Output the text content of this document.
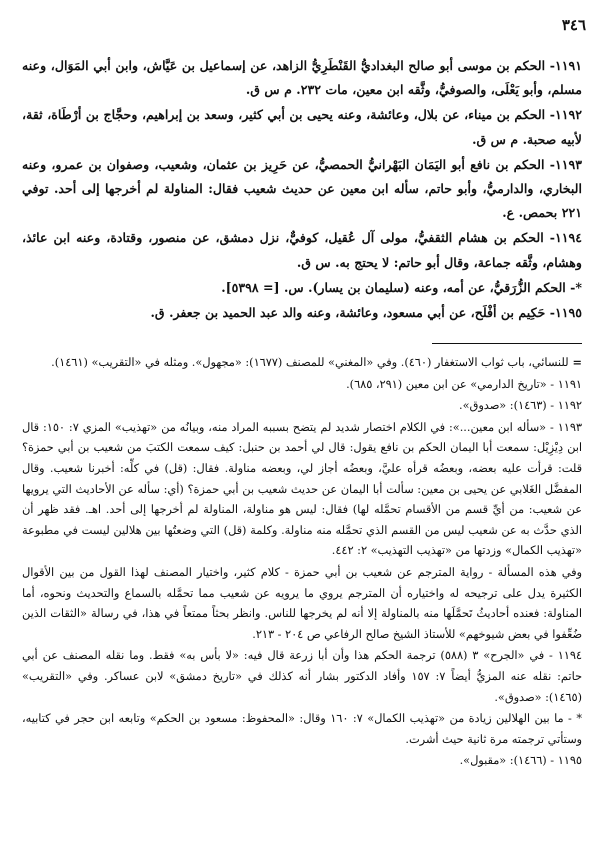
٣٤٦

١١٩١- الحكم بن موسى أبو صالح البغداديُّ القَنْطَرِيُّ الزاهد، عن إسماعيل بن عَيَّاش، وابن أبي المَوَال، وعنه مسلم، وأبو يَعْلَى، والصوفيُّ، وثَّقه ابن معين، مات ٢٣٢. م س ق.

١١٩٢- الحكم بن ميناء، عن بلال، وعائشة، وعنه يحيى بن أبي كثير، وسعد بن إبراهيم، وحجَّاج بن أرْطَاة، ثقة، لأبيه صحبة. م س ق.

١١٩٣- الحكم بن نافع أبو اليَمَان البَهْرانيُّ الحمصيُّ، عن حَرِيز بن عثمان، وشعيب، وصفوان بن عمرو، وعنه البخاري، والدارميُّ، وأبو حاتم، سأله ابن معين عن حديث شعيب فقال: المناولة لم أخرجها إلى أحد. توفي ٢٢١ بحمص. ع.

١١٩٤- الحكم بن هشام الثقفيُّ، مولى آل عُقيل، كوفيٌّ، نزل دمشق، عن منصور، وقتادة، وعنه ابن عائذ، وهشام، وثَّقه جماعة، وقال أبو حاتم: لا يحتج به. س ق.

*- الحكم الزُّرَقيُّ، عن أمه، وعنه (سليمان بن يسار). س. [= ٥٣٩٨].

١١٩٥- حَكِيم بن أفْلَح، عن أبي مسعود، وعائشة، وعنه والد عبد الحميد بن جعفر. ق.

=للنسائي، باب ثواب الاستغفار (٤٦٠). وفي «المغني» للمصنف (١٦٧٧): «مجهول». ومثله في «التقريب» (١٤٦١).

١١٩١ - «تاريخ الدارمي» عن ابن معين (٢٩١، ٦٨٥).

١١٩٢ - (١٤٦٣): «صدوق».

١١٩٣ - «سأله ابن معين...»: في الكلام اختصار شديد لم يتضح بسببه المراد منه، وبيانُه من «تهذيب» المزي ٧: ١٥٠: قال ابن دِيْزِيْل: سمعت أبا اليمان الحكم بن نافع يقول: قال لي أحمد بن حنبل: كيف سمعت الكتبَ من شعيب بن أبي حمزة؟ قلت: قرأت عليه بعضه، وبعضُه قرأه عليَّ، وبعضُه أجاز لي، وبعضه مناولة. فقال: (قل) في كلِّه: أخبرنا شعيب. وقال المفضَّل الغَلابي عن يحيى بن معين: سألت أبا اليمان عن حديث شعيب بن أبي حمزة؟ (أي: سأله عن الأحاديث التي يرويها عن شعيب: من أيِّ قسم من الأقسام تحمَّله لها) فقال: ليس هو مناولة، المناولة لم أخرجها إلى أحد. اهـ. فقد ظهر أن الذي حدَّث به عن شعيب ليس من القسم الذي تحمَّله منه مناولة. وكلمة (قل) التي وضعتُها بين هلالين ليست في مطبوعة «تهذيب الكمال» وزدتها من «تهذيب التهذيب» ٢: ٤٤٢.

وفي هذه المسألة - رواية المترجم عن شعيب بن أبي حمزة - كلام كثير، واختيار المصنف لهذا القول من بين الأقوال الكثيرة يدل على ترجيحه له واختياره أن المترجم يروي ما يرويه عن شعيب مما تحمَّله بالسماع والتحديث ونحوه، أما المناولة: فعنده أحاديثُ تَحمَّلَها منه بالمناولة إلا أنه لم يخرجها للناس. وانظر بحثاً ممتعاً في هذا، في رسالة «الثقات الذين ضُعِّفوا في بعض شيوخهم» للأستاذ الشيخ صالح الرفاعي ص ٢٠٤ - ٢١٣.

١١٩٤ - في «الجرح» ٣ (٥٨٨) ترجمة الحكم هذا وأن أبا زرعة قال فيه: «لا بأس به» فقط. وما نقله المصنف عن أبي حاتم: نقله عنه المزيُّ أيضاً ٧: ١٥٧ وأفاد الدكتور بشار أنه كذلك في «تاريخ دمشق» لابن عساكر. وفي «التقريب» (١٤٦٥): «صدوق».

* - ما بين الهلالين زيادة من «تهذيب الكمال» ٧: ١٦٠ وقال: «المحفوظ: مسعود بن الحكم» وتابعه ابن حجر في كتابيه، وستأتي ترجمته مرة ثانية حيث أشرت.

١١٩٥ - (١٤٦٦): «مقبول».
